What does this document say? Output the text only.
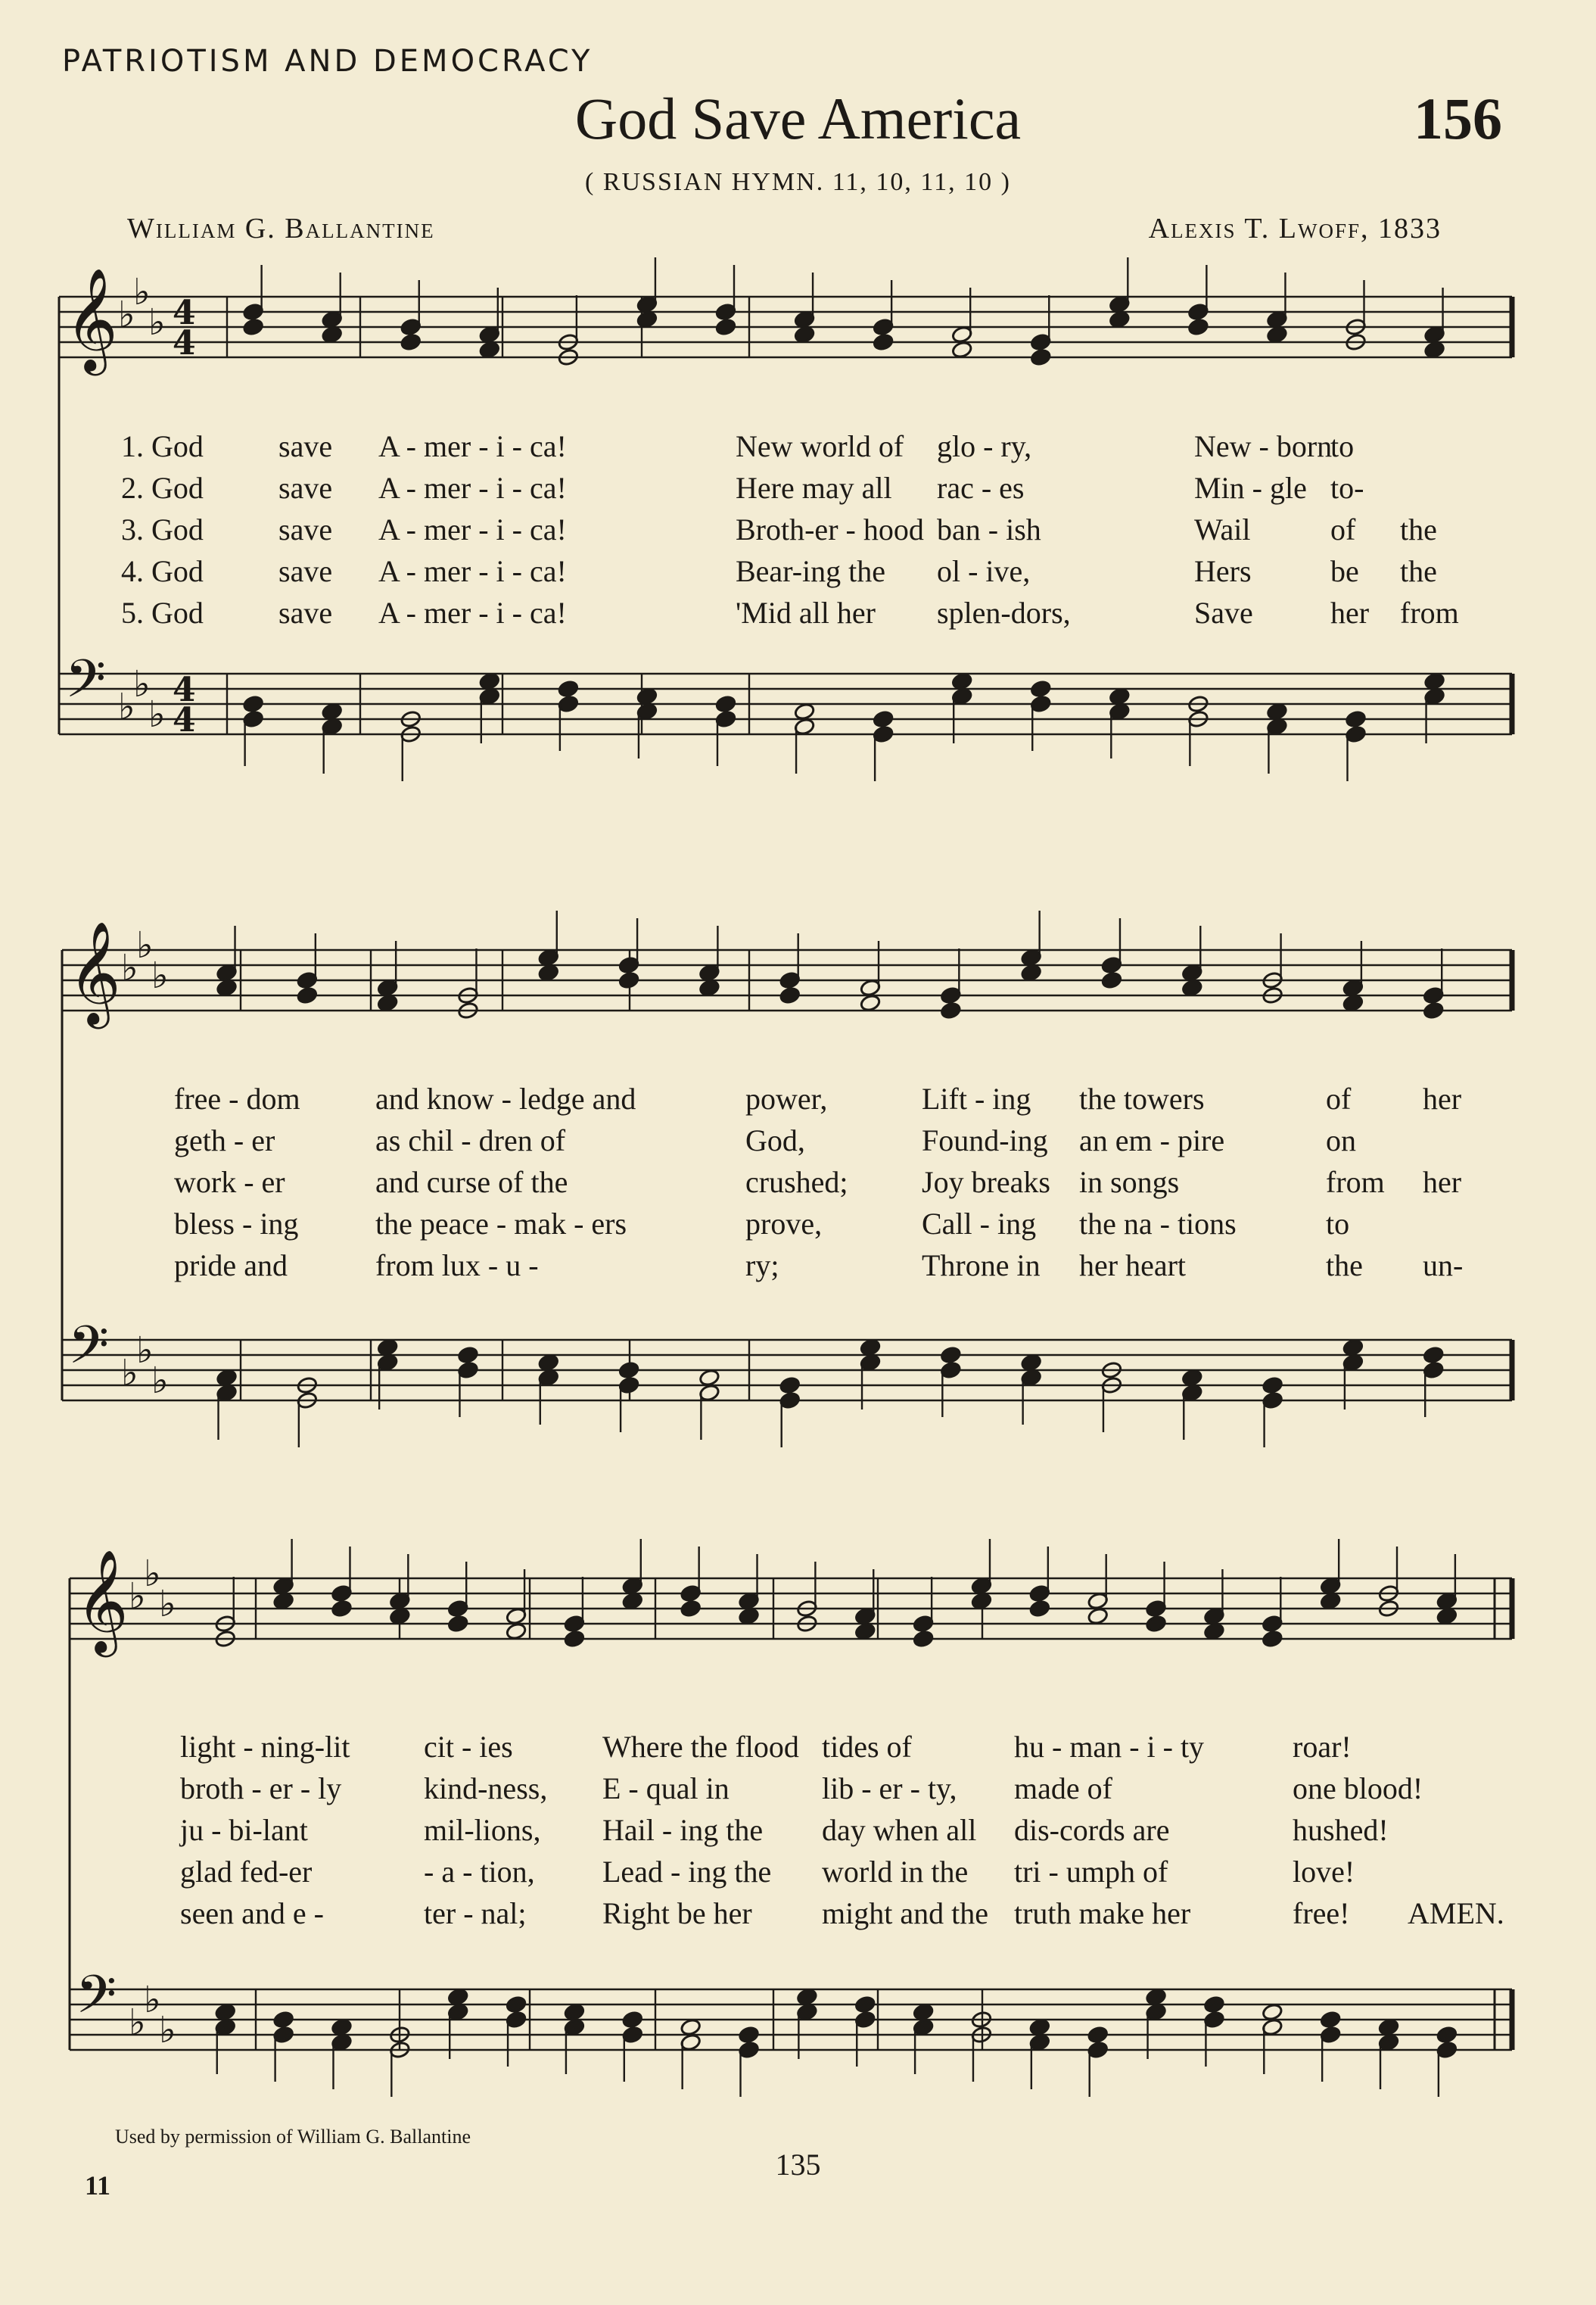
PATRIOTISM AND DEMOCRACY
God Save America	156
( RUSSIAN HYMN. 11, 10, 11, 10 )
William G. Ballantine	Alexis T. Lwoff, 1833
𝄞 ♭
♭
♭ 4
4
𝄢 ♭
♭
♭
4
4
𝄞 ♭
♭
♭
𝄢 ♭
♭
♭
𝄞 ♭
♭
♭
𝄢 ♭
♭
♭
1. God save A - mer - i - ca!	New world of glo - ry,	New - born
to
2. God save A - mer - i - ca!	Here may all rac - es	Min - gle to-
3. God save A - mer - i - ca!	Broth-er - hood ban - ish	Wail	of the
4. God save A - mer - i - ca!	Bear-ing the ol - ive,	Hers	be the
5. God save A - mer - i - ca!	'Mid all her splen-dors,	Save	her from
free - dom and know - ledge and	power,	Lift - ing the towers	of her
geth - er	as chil - dren of	God,	Found-ing an em - pire	on
work - er	and curse of the	crushed; Joy breaks in songs	from her
bless - ing	the peace - mak - ers	prove,	Call - ing the na - tions	to
pride and	from lux - u -	ry;	Throne in her heart	the un-
light - ning-lit cit - ies	Where the flood tides of	hu - man - i - ty	roar!
broth - er - ly	kind-ness, E - qual in	lib - er - ty, made of	one blood!
ju - bi-lant	mil-lions, Hail - ing the day when all dis-cords are	hushed!
glad fed-er	- a - tion, Lead - ing the world in the tri - umph of	love!
seen and e -	ter - nal;	Right be her might and the truth make her	free! AMEN.
Used by permission of William G. Ballantine
135
11
